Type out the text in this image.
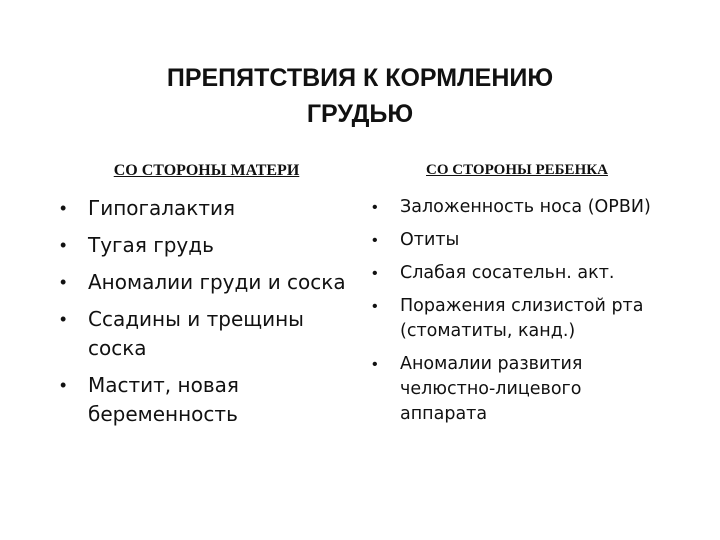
ПРЕПЯТСТВИЯ К КОРМЛЕНИЮ
ГРУДЬЮ
СО СТОРОНЫ МАТЕРИ
• Гипогалактия
• Тугая грудь
• Аномалии груди и соска
• Ссадины и трещины соска
• Мастит, новая беременность
СО СТОРОНЫ РЕБЕНКА
• Заложенность носа (ОРВИ)
• Отиты
• Слабая сосательн. акт.
• Поражения слизистой рта (стоматиты, канд.)
• Аномалии развития челюстно-лицевого аппарата
